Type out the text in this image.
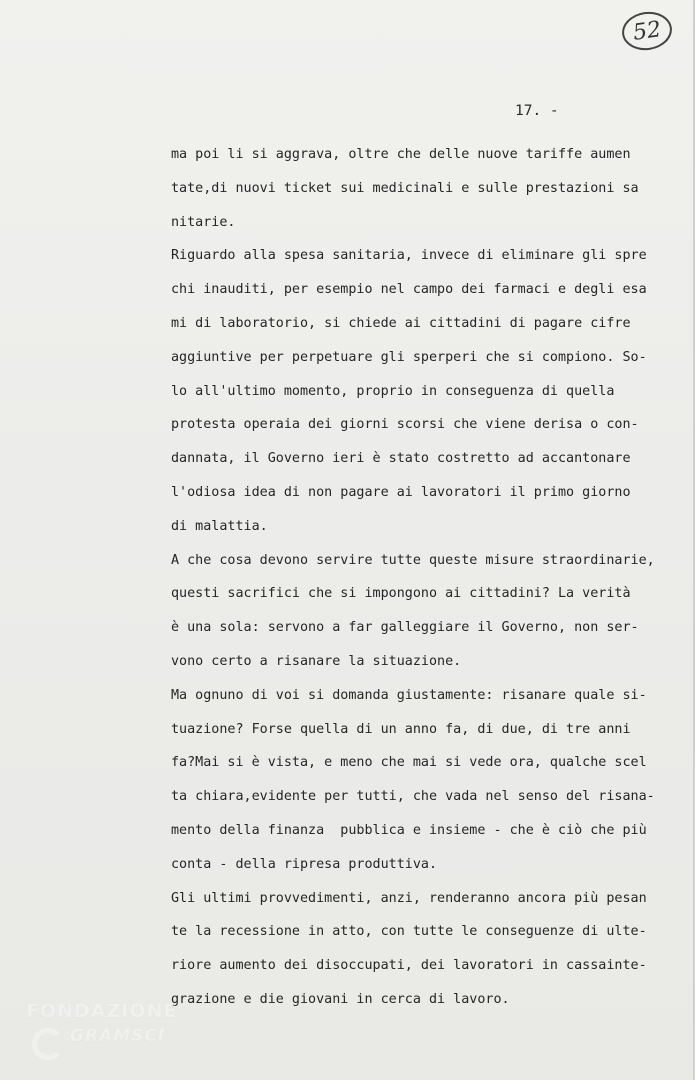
52
17. -
ma poi li si aggrava, oltre che delle nuove tariffe aumen
tate,di nuovi ticket sui medicinali e sulle prestazioni sa
nitarie.
Riguardo alla spesa sanitaria, invece di eliminare gli spre
chi inauditi, per esempio nel campo dei farmaci e degli esa
mi di laboratorio, si chiede ai cittadini di pagare cifre
aggiuntive per perpetuare gli sperperi che si compiono. So-
lo all'ultimo momento, proprio in conseguenza di quella
protesta operaia dei giorni scorsi che viene derisa o con-
dannata, il Governo ieri è stato costretto ad accantonare
l'odiosa idea di non pagare ai lavoratori il primo giorno
di malattia.
A che cosa devono servire tutte queste misure straordinarie,
questi sacrifici che si impongono ai cittadini? La verità
è una sola: servono a far galleggiare il Governo, non ser-
vono certo a risanare la situazione.
Ma ognuno di voi si domanda giustamente: risanare quale si-
tuazione? Forse quella di un anno fa, di due, di tre anni
fa?Mai si è vista, e meno che mai si vede ora, qualche scel
ta chiara,evidente per tutti, che vada nel senso del risana-
mento della finanza  pubblica e insieme - che è ciò che più
conta - della ripresa produttiva.
Gli ultimi provvedimenti, anzi, renderanno ancora più pesan
te la recessione in atto, con tutte le conseguenze di ulte-
riore aumento dei disoccupati, dei lavoratori in cassainte-
grazione e die giovani in cerca di lavoro.
FONDAZIONE
GRAMSCI
